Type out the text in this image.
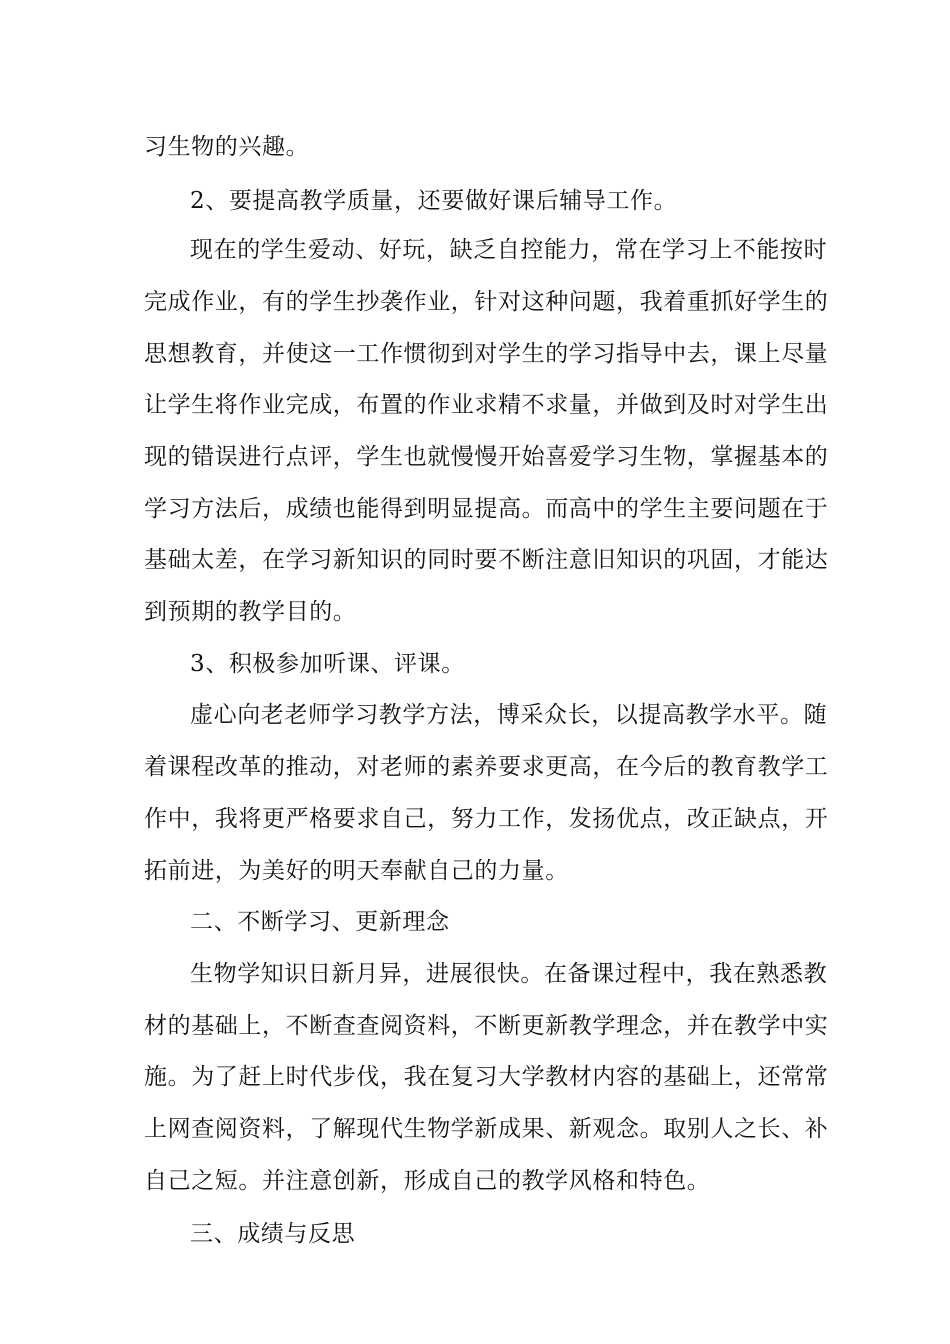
习生物的兴趣。
2、要提高教学质量，还要做好课后辅导工作。
现在的学生爱动、好玩，缺乏自控能力，常在学习上不能按时
完成作业，有的学生抄袭作业，针对这种问题，我着重抓好学生的
思想教育，并使这一工作惯彻到对学生的学习指导中去，课上尽量
让学生将作业完成，布置的作业求精不求量，并做到及时对学生出
现的错误进行点评，学生也就慢慢开始喜爱学习生物，掌握基本的
学习方法后，成绩也能得到明显提高。而高中的学生主要问题在于
基础太差，在学习新知识的同时要不断注意旧知识的巩固，才能达
到预期的教学目的。
3、积极参加听课、评课。
虚心向老老师学习教学方法，博采众长，以提高教学水平。随
着课程改革的推动，对老师的素养要求更高，在今后的教育教学工
作中，我将更严格要求自己，努力工作，发扬优点，改正缺点，开
拓前进，为美好的明天奉献自己的力量。
二、不断学习、更新理念
生物学知识日新月异，进展很快。在备课过程中，我在熟悉教
材的基础上，不断查查阅资料，不断更新教学理念，并在教学中实
施。为了赶上时代步伐，我在复习大学教材内容的基础上，还常常
上网查阅资料，了解现代生物学新成果、新观念。取别人之长、补
自己之短。并注意创新，形成自己的教学风格和特色。
三、成绩与反思
